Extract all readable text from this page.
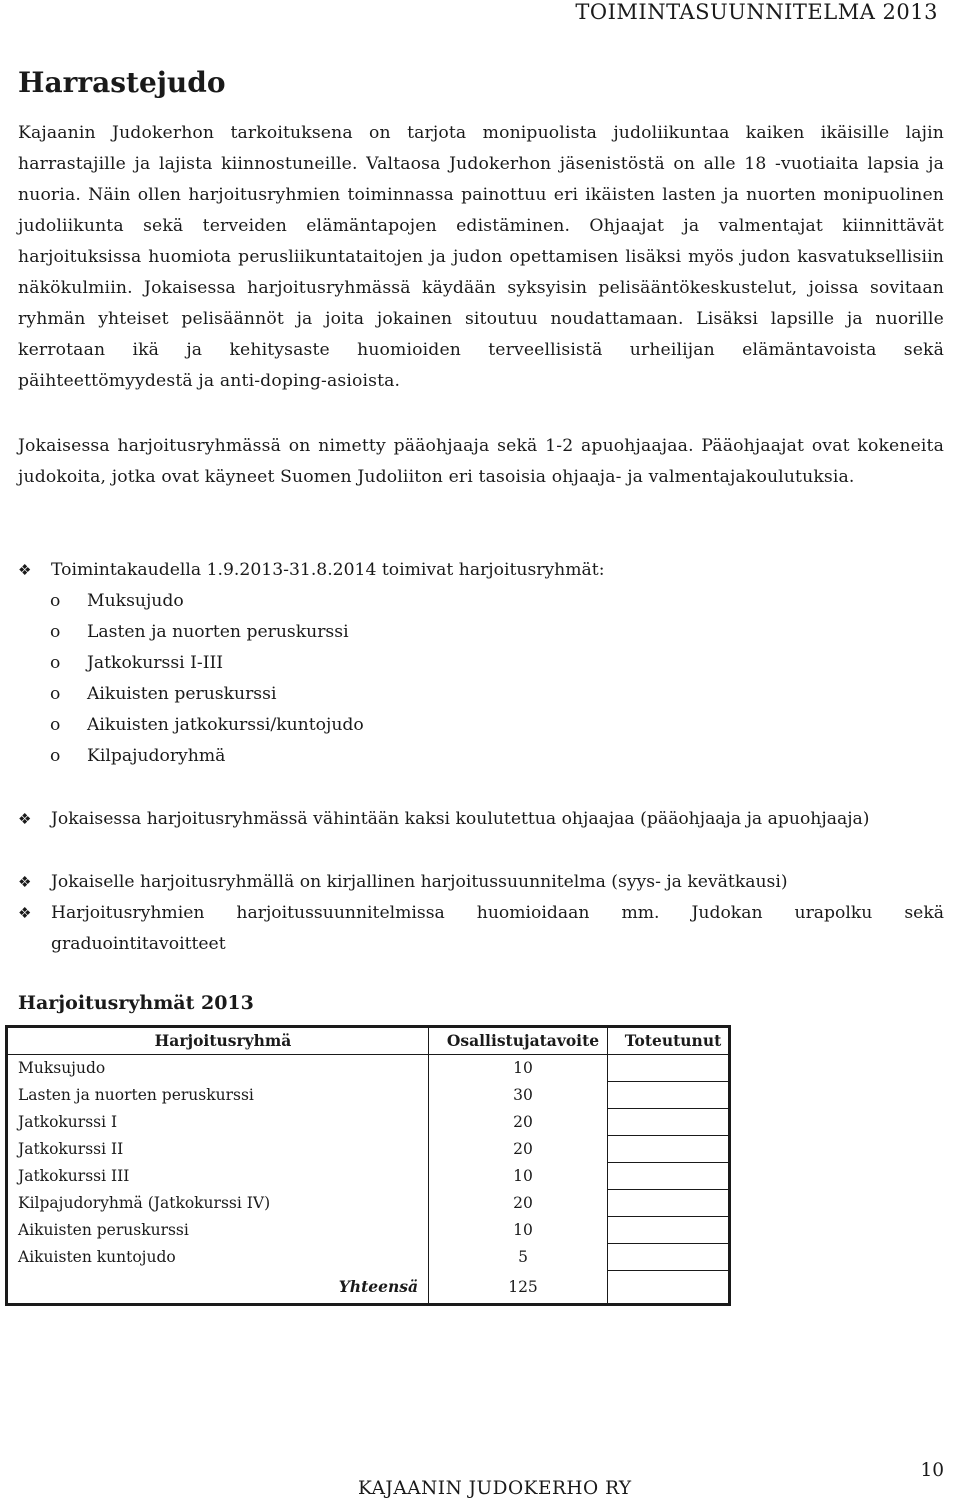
TOIMINTASUUNNITELMA 2013
Harrastejudo

Kajaanin Judokerhon tarkoituksena on tarjota monipuolista judoliikuntaa kaiken ikäisille lajin harrastajille ja lajista kiinnostuneille. Valtaosa Judokerhon jäsenistöstä on alle 18 -vuotiaita lapsia ja nuoria. Näin ollen harjoitusryhmien toiminnassa painottuu eri ikäisten lasten ja nuorten monipuolinen judoliikunta sekä terveiden elämäntapojen edistäminen. Ohjaajat ja valmentajat kiinnittävät harjoituksissa huomiota perusliikuntataitojen ja judon opettamisen lisäksi myös judon kasvatuksellisiin näkökulmiin. Jokaisessa harjoitusryhmässä käydään syksyisin pelisääntökeskustelut, joissa sovitaan ryhmän yhteiset pelisäännöt ja joita jokainen sitoutuu noudattamaan. Lisäksi lapsille ja nuorille kerrotaan ikä ja kehitysaste huomioiden terveellisistä urheilijan elämäntavoista sekä päihteettömyydestä ja anti-doping-asioista.

Jokaisessa harjoitusryhmässä on nimetty pääohjaaja sekä 1-2 apuohjaajaa. Pääohjaajat ovat kokeneita judokoita, jotka ovat käyneet Suomen Judoliiton eri tasoisia ohjaaja- ja valmentajakoulutuksia.

❖	Toimintakaudella 1.9.2013-31.8.2014 toimivat harjoitusryhmät:
o	Muksujudo
o	Lasten ja nuorten peruskurssi
o	Jatkokurssi I-III
o	Aikuisten peruskurssi
o	Aikuisten jatkokurssi/kuntojudo
o	Kilpajudoryhmä
❖	Jokaisessa harjoitusryhmässä vähintään kaksi koulutettua ohjaajaa (pääohjaaja ja apuohjaaja)
❖	Jokaiselle harjoitusryhmällä on kirjallinen harjoitussuunnitelma (syys- ja kevätkausi)
❖	Harjoitusryhmien harjoitussuunnitelmissa huomioidaan mm. Judokan urapolku sekä graduointitavoitteet
Harjoitusryhmät 2013
Harjoitusryhmä	Osallistujatavoite	Toteutunut
Muksujudo	10	
Lasten ja nuorten peruskurssi	30	
Jatkokurssi I	20	
Jatkokurssi II	20	
Jatkokurssi III	10	
Kilpajudoryhmä (Jatkokurssi IV)	20	
Aikuisten peruskurssi	10	
Aikuisten kuntojudo	5	
Yhteensä	125	
KAJAANIN JUDOKERHO RY
10
